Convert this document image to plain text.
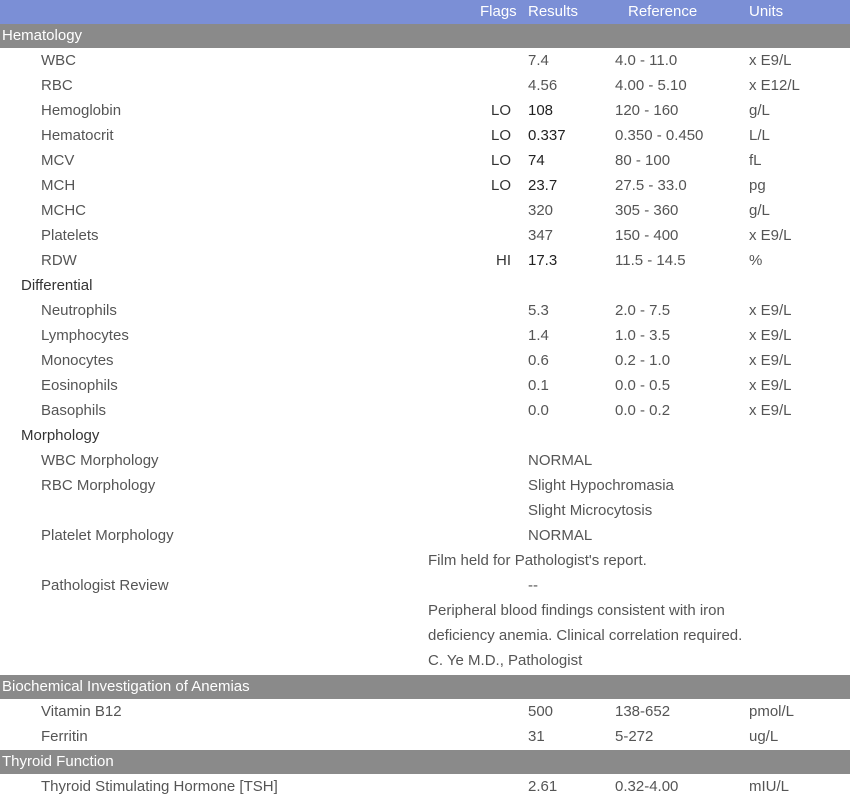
Flags Results	Reference	Units
Hematology
WBC	7.4	4.0 - 11.0	x E9/L
RBC	4.56	4.00 - 5.10	x E12/L
Hemoglobin	LO 108	120 - 160	g/L
Hematocrit	LO 0.337	0.350 - 0.450	L/L
MCV	LO 74	80 - 100	fL
MCH	LO 23.7	27.5 - 33.0	pg
MCHC	320	305 - 360	g/L
Platelets	347	150 - 400	x E9/L
RDW	HI 17.3	11.5 - 14.5	%
Differential
Neutrophils	5.3	2.0 - 7.5	x E9/L
Lymphocytes	1.4	1.0 - 3.5	x E9/L
Monocytes	0.6	0.2 - 1.0	x E9/L
Eosinophils	0.1	0.0 - 0.5	x E9/L
Basophils	0.0	0.0 - 0.2	x E9/L
Morphology
WBC Morphology	NORMAL
RBC Morphology	Slight Hypochromasia
Slight Microcytosis
Platelet Morphology	NORMAL
Film held for Pathologist's report.
Pathologist Review	--
Peripheral blood findings consistent with iron
deficiency anemia. Clinical correlation required.
C. Ye M.D., Pathologist
Biochemical Investigation of Anemias
Vitamin B12	500	138-652	pmol/L
Ferritin	31	5-272	ug/L
Thyroid Function
Thyroid Stimulating Hormone [TSH]	2.61	0.32-4.00	mIU/L
